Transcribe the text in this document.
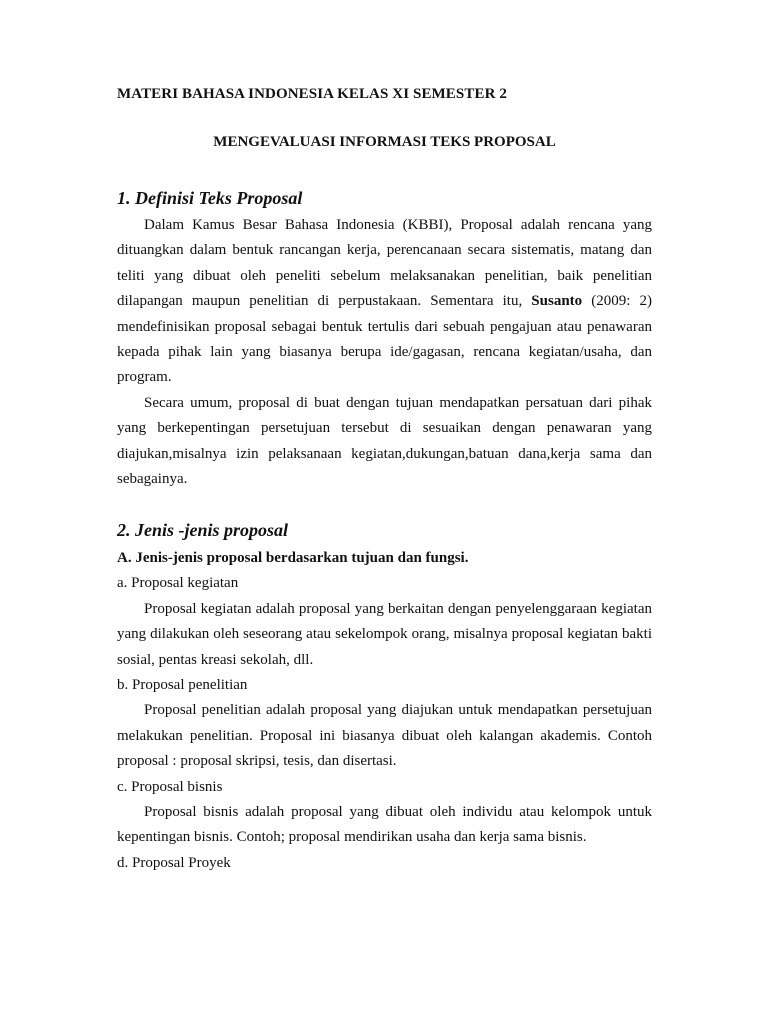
MATERI BAHASA INDONESIA KELAS XI SEMESTER 2
MENGEVALUASI INFORMASI TEKS PROPOSAL
1. Definisi Teks Proposal

Dalam Kamus Besar Bahasa Indonesia (KBBI), Proposal adalah rencana yang dituangkan dalam bentuk rancangan kerja, perencanaan secara sistematis, matang dan teliti yang dibuat oleh peneliti sebelum melaksanakan penelitian, baik penelitian dilapangan maupun penelitian di perpustakaan. Sementara itu, Susanto (2009: 2) mendefinisikan proposal sebagai bentuk tertulis dari sebuah pengajuan atau penawaran kepada pihak lain yang biasanya berupa ide/gagasan, rencana kegiatan/usaha, dan program.

Secara umum, proposal di buat dengan tujuan mendapatkan persatuan dari pihak yang berkepentingan persetujuan tersebut di sesuaikan dengan penawaran yang diajukan,misalnya izin pelaksanaan kegiatan,dukungan,batuan dana,kerja sama dan sebagainya.

2. Jenis -jenis proposal

A. Jenis-jenis proposal berdasarkan tujuan dan fungsi.

a. Proposal kegiatan

Proposal kegiatan adalah proposal yang berkaitan dengan penyelenggaraan kegiatan yang dilakukan oleh seseorang atau sekelompok orang, misalnya proposal kegiatan bakti sosial, pentas kreasi sekolah, dll.

b. Proposal penelitian

Proposal penelitian adalah proposal yang diajukan untuk mendapatkan persetujuan melakukan penelitian. Proposal ini biasanya dibuat oleh kalangan akademis. Contoh proposal : proposal skripsi, tesis, dan disertasi.

c. Proposal bisnis

Proposal bisnis adalah proposal yang dibuat oleh individu atau kelompok untuk kepentingan bisnis. Contoh; proposal mendirikan usaha dan kerja sama bisnis.

d. Proposal Proyek
